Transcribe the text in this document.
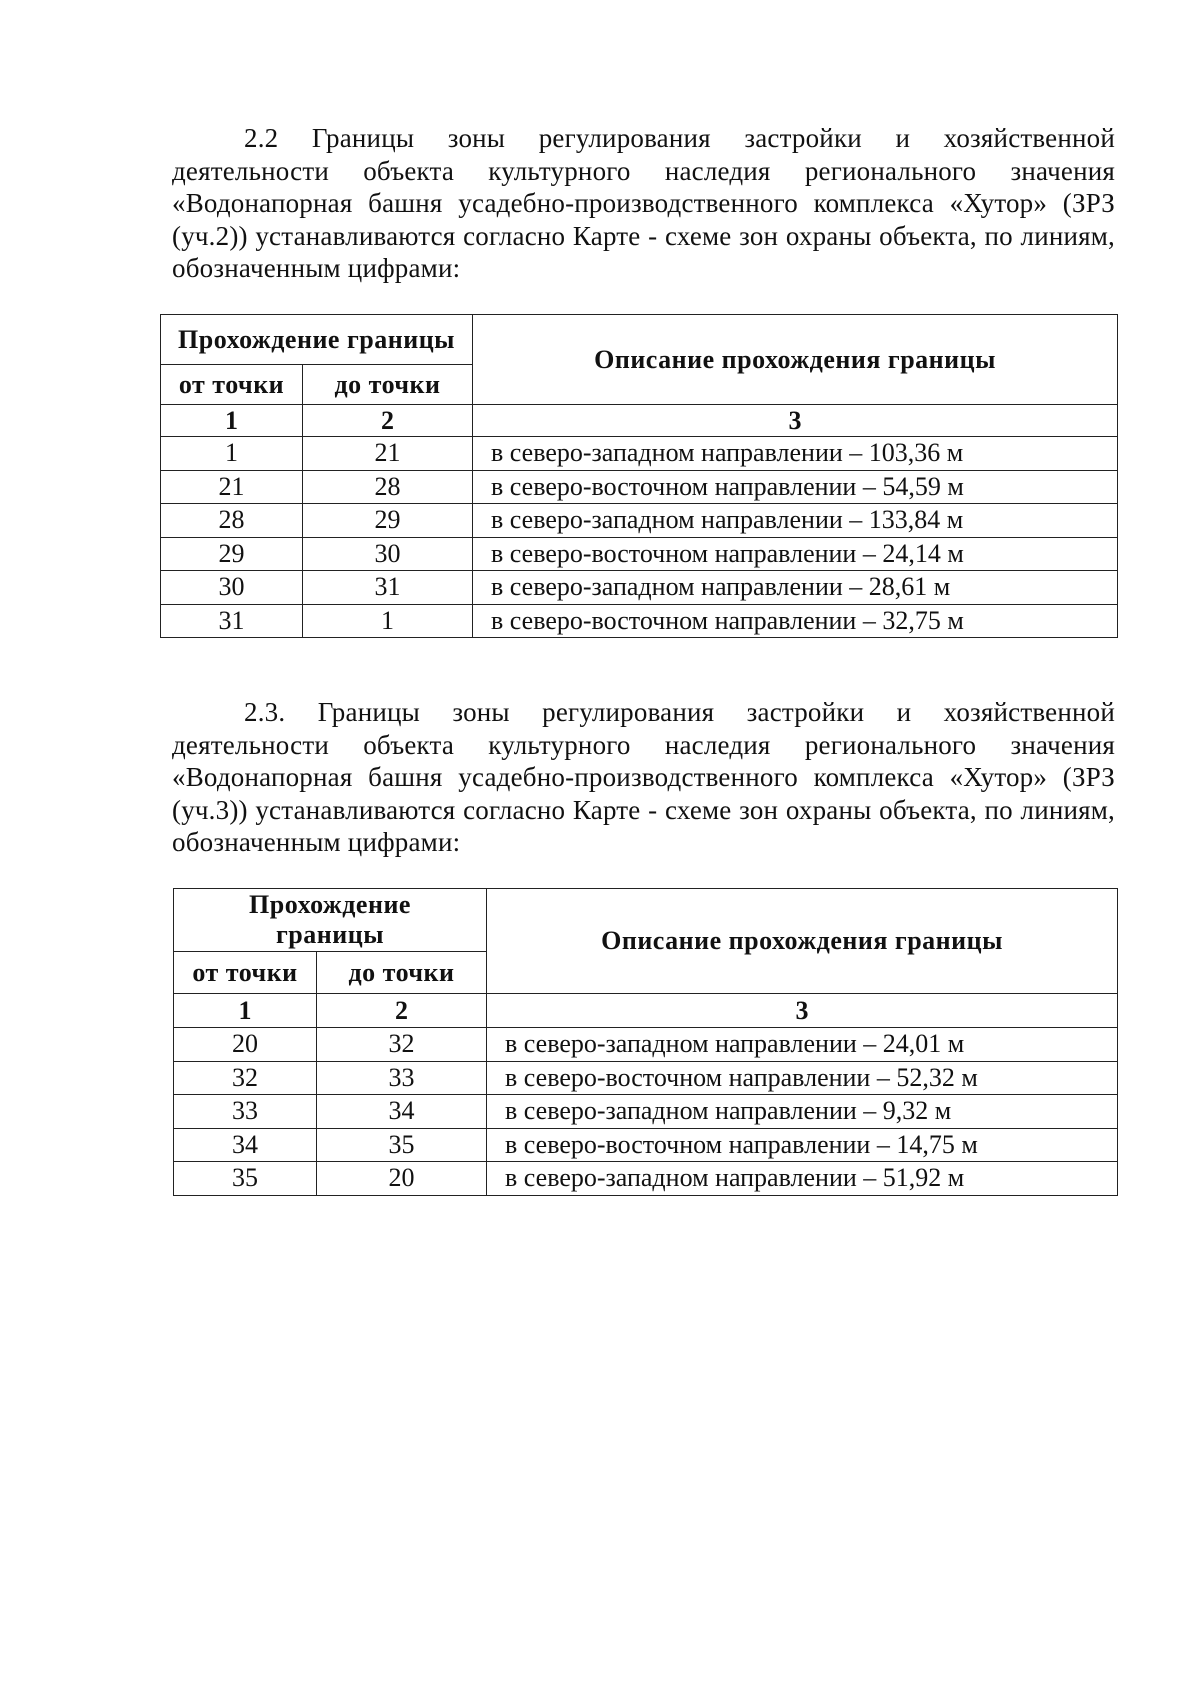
2.2 Границы зоны регулирования застройки и хозяйственной деятельности объекта культурного наследия регионального значения «Водонапорная башня усадебно-производственного комплекса «Хутор» (ЗРЗ (уч.2)) устанавливаются согласно Карте - схеме зон охраны объекта, по линиям, обозначенным цифрами:

Прохождение границы		Описание прохождения границы
от точки	до точки	
1	2	3
1	21	в северо-западном направлении – 103,36 м
21	28	в северо-восточном направлении – 54,59 м
28	29	в северо-западном направлении – 133,84 м
29	30	в северо-восточном направлении – 24,14 м
30	31	в северо-западном направлении – 28,61 м
31	1	в северо-восточном направлении – 32,75 м

2.3. Границы зоны регулирования застройки и хозяйственной деятельности объекта культурного наследия регионального значения «Водонапорная башня усадебно-производственного комплекса «Хутор» (ЗРЗ (уч.3)) устанавливаются согласно Карте - схеме зон охраны объекта, по линиям, обозначенным цифрами:

Прохождение границы		Описание прохождения границы
от точки	до точки	
1	2	3
20	32	в северо-западном направлении – 24,01 м
32	33	в северо-восточном направлении – 52,32 м
33	34	в северо-западном направлении – 9,32 м
34	35	в северо-восточном направлении – 14,75 м
35	20	в северо-западном направлении – 51,92 м
